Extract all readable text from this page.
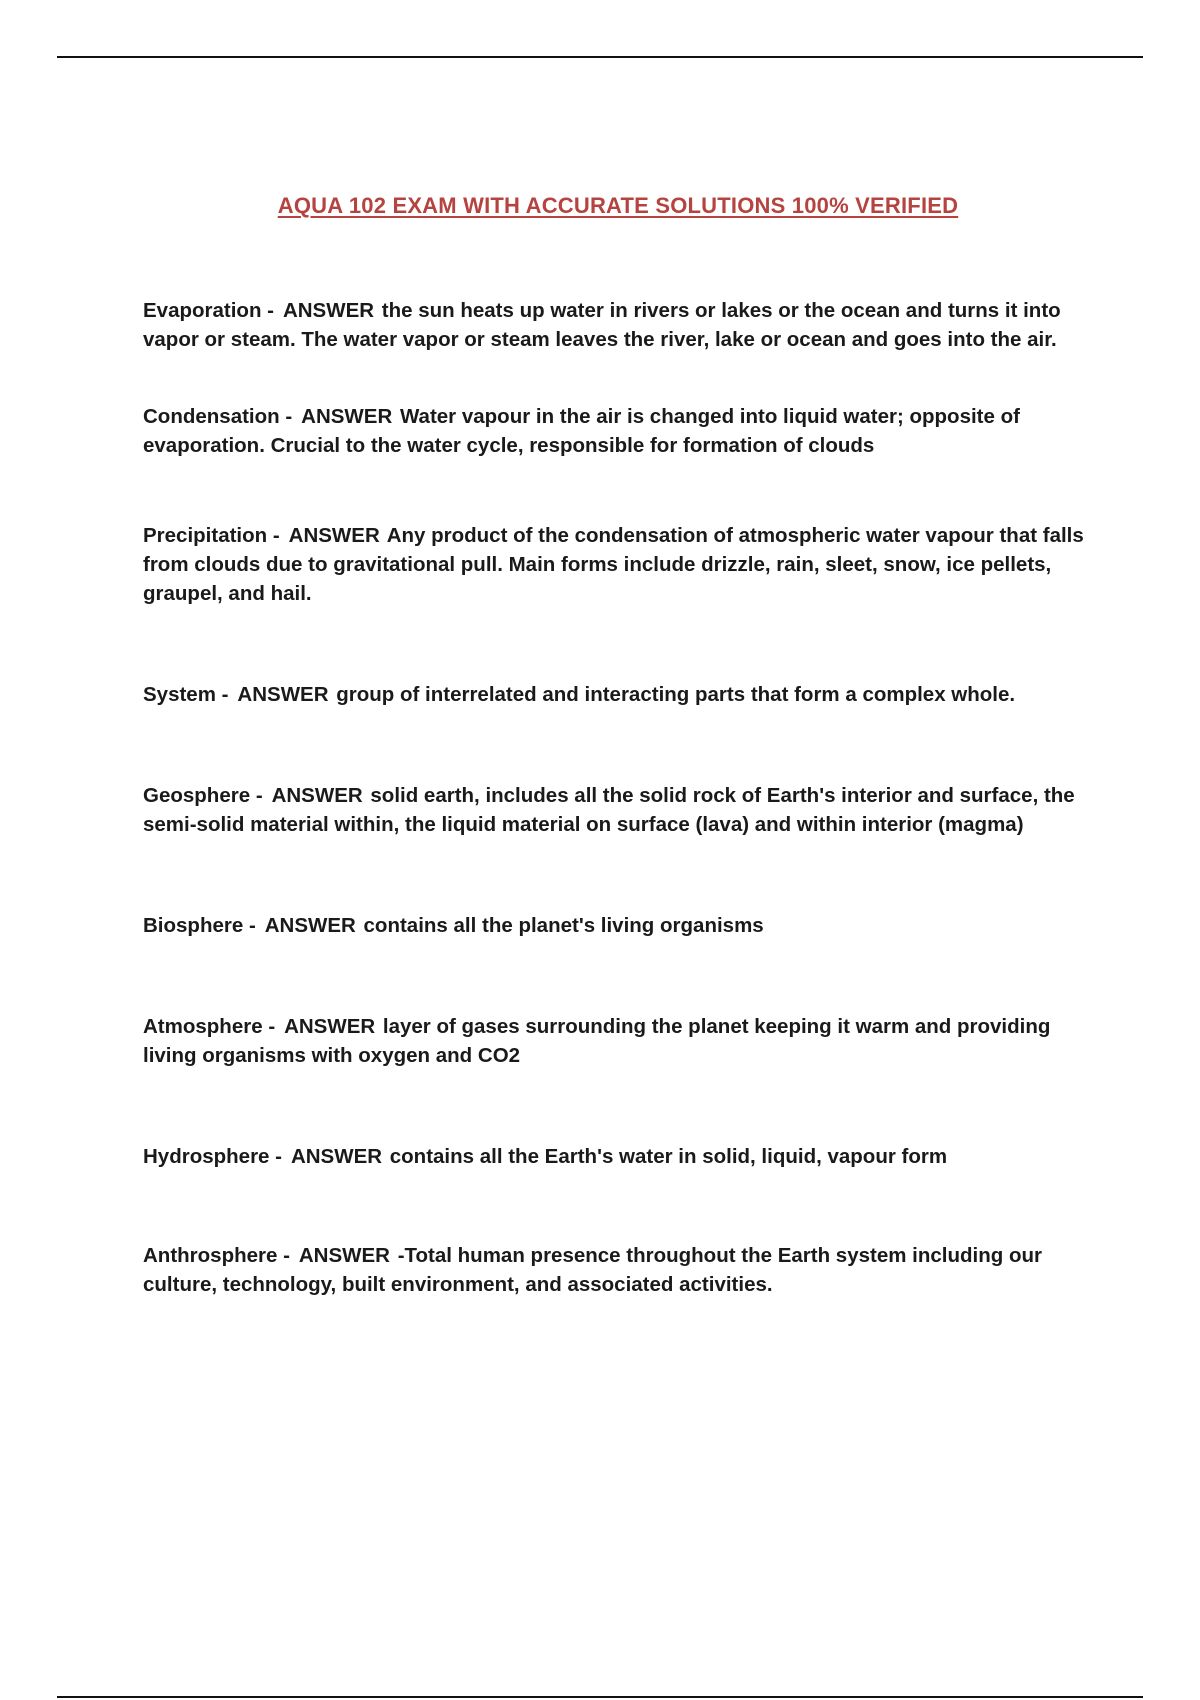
AQUA 102 EXAM WITH ACCURATE SOLUTIONS 100% VERIFIED

Evaporation - ANSWER the sun heats up water in rivers or lakes or the ocean and turns it into vapor or steam. The water vapor or steam leaves the river, lake or ocean and goes into the air.

Condensation - ANSWER Water vapour in the air is changed into liquid water; opposite of evaporation. Crucial to the water cycle, responsible for formation of clouds

Precipitation - ANSWER Any product of the condensation of atmospheric water vapour that falls from clouds due to gravitational pull. Main forms include drizzle, rain, sleet, snow, ice pellets, graupel, and hail.

System - ANSWER group of interrelated and interacting parts that form a complex whole.

Geosphere - ANSWER solid earth, includes all the solid rock of Earth's interior and surface, the semi-solid material within, the liquid material on surface (lava) and within interior (magma)

Biosphere - ANSWER contains all the planet's living organisms

Atmosphere - ANSWER layer of gases surrounding the planet keeping it warm and providing living organisms with oxygen and CO2

Hydrosphere - ANSWER contains all the Earth's water in solid, liquid, vapour form

Anthrosphere - ANSWER -Total human presence throughout the Earth system including our culture, technology, built environment, and associated activities.
